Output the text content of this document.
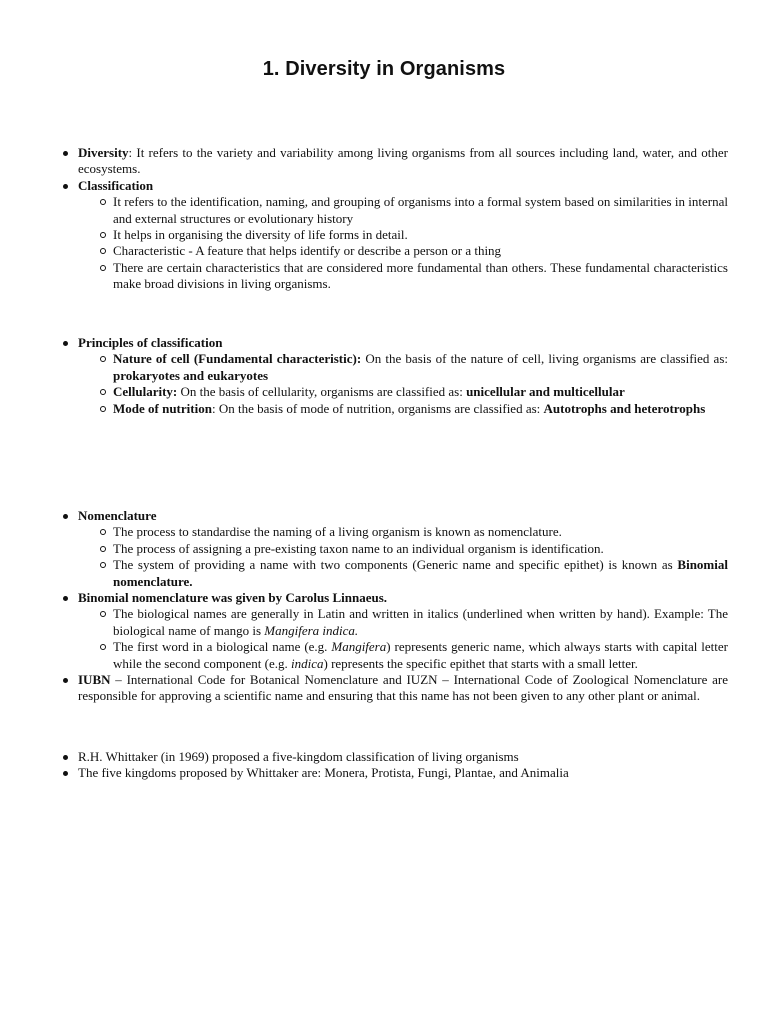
1. Diversity in Organisms
Diversity: It refers to the variety and variability among living organisms from all sources including land, water, and other ecosystems.
Classification
It refers to the identification, naming, and grouping of organisms into a formal system based on similarities in internal and external structures or evolutionary history
It helps in organising the diversity of life forms in detail.
Characteristic - A feature that helps identify or describe a person or a thing
There are certain characteristics that are considered more fundamental than others. These fundamental characteristics make broad divisions in living organisms.
Principles of classification
Nature of cell (Fundamental characteristic): On the basis of the nature of cell, living organisms are classified as: prokaryotes and eukaryotes
Cellularity: On the basis of cellularity, organisms are classified as: unicellular and multicellular
Mode of nutrition: On the basis of mode of nutrition, organisms are classified as: Autotrophs and heterotrophs
Nomenclature
The process to standardise the naming of a living organism is known as nomenclature.
The process of assigning a pre-existing taxon name to an individual organism is identification.
The system of providing a name with two components (Generic name and specific epithet) is known as Binomial nomenclature.
Binomial nomenclature was given by Carolus Linnaeus.
The biological names are generally in Latin and written in italics (underlined when written by hand). Example: The biological name of mango is Mangifera indica.
The first word in a biological name (e.g. Mangifera) represents generic name, which always starts with capital letter while the second component (e.g. indica) represents the specific epithet that starts with a small letter.
IUBN – International Code for Botanical Nomenclature and IUZN – International Code of Zoological Nomenclature are responsible for approving a scientific name and ensuring that this name has not been given to any other plant or animal.
R.H. Whittaker (in 1969) proposed a five-kingdom classification of living organisms
The five kingdoms proposed by Whittaker are: Monera, Protista, Fungi, Plantae, and Animalia
